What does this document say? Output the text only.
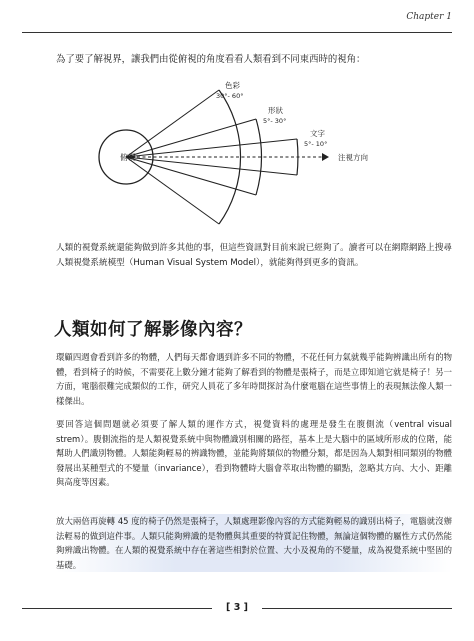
Chapter 1
為了要了解視界，讓我們由從俯視的角度看看人類看到不同東西時的視角：
俯視
色彩
30°- 60°
形狀
5°- 30°
文字
5°- 10°
注視方向
人類的視覺系統還能夠做到許多其他的事，但這些資訊對目前來說已經夠了。讀者可以在網際網路上搜尋人類視覺系統模型（Human Visual System Model），就能夠得到更多的資訊。
人類如何了解影像內容？
環顧四週會看到許多的物體，人們每天都會遇到許多不同的物體，不花任何力氣就幾乎能夠辨識出所有的物體，看到椅子的時候，不需要花上數分鐘才能夠了解看到的物體是張椅子，而是立即知道它就是椅子！另一方面，電腦很難完成類似的工作，研究人員花了多年時間探討為什麼電腦在這些事情上的表現無法像人類一樣傑出。
要回答這個問題就必須要了解人類的運作方式，視覺資料的處理是發生在腹側流（ventral visual strem）。腹側流指的是人類視覺系統中與物體識別相關的路徑，基本上是大腦中的區域所形成的位階，能幫助人們識別物體。人類能夠輕易的辨識物體，並能夠將類似的物體分類，都是因為人類對相同類別的物體發展出某種型式的不變量（invariance），看到物體時大腦會萃取出物體的顯點，忽略其方向、大小、距離與高度等因素。
放大兩倍再旋轉 45 度的椅子仍然是張椅子，人類處理影像內容的方式能夠輕易的識別出椅子，電腦就沒辦法輕易的做到這件事。人類只能夠辨識的是物體與其重要的特質記住物體，無論這個物體的屬性方式仍然能夠辨識出物體。在人類的視覺系統中存在著這些相對於位置、大小及視角的不變量，成為視覺系統中堅固的基礎。
[ 3 ]
